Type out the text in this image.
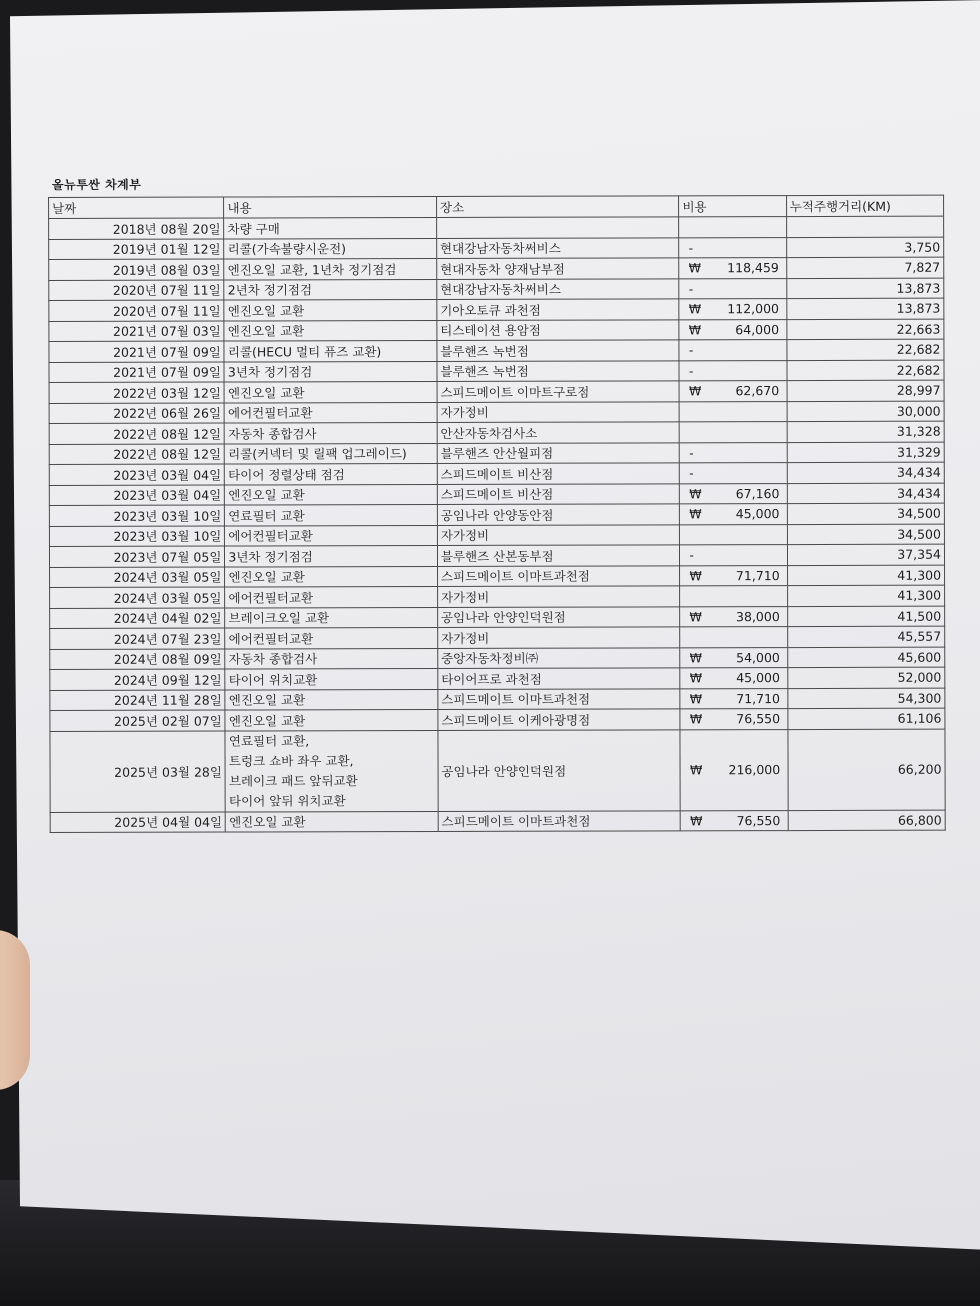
올뉴투싼 차계부
날짜	내용	장소	비용	누적주행거리(KM)
2018년 08월 20일	차량 구매			
2019년 01월 12일	리콜(가속불량시운전)	현대강남자동차써비스	-	3,750
2019년 08월 03일	엔진오일 교환, 1년차 정기점검	현대자동차 양재남부점	₩ 118,459	7,827
2020년 07월 11일	2년차 정기점검	현대강남자동차써비스	-	13,873
2020년 07월 11일	엔진오일 교환	기아오토큐 과천점	₩ 112,000	13,873
2021년 07월 03일	엔진오일 교환	티스테이션 용암점	₩ 64,000	22,663
2021년 07월 09일	리콜(HECU 멀티 퓨즈 교환)	블루핸즈 녹번점	-	22,682
2021년 07월 09일	3년차 정기점검	블루핸즈 녹번점	-	22,682
2022년 03월 12일	엔진오일 교환	스피드메이트 이마트구로점	₩ 62,670	28,997
2022년 06월 26일	에어컨필터교환	자가정비		30,000
2022년 08월 12일	자동차 종합검사	안산자동차검사소		31,328
2022년 08월 12일	리콜(커넥터 및 릴팩 업그레이드)	블루핸즈 안산월피점	-	31,329
2023년 03월 04일	타이어 정렬상태 점검	스피드메이트 비산점	-	34,434
2023년 03월 04일	엔진오일 교환	스피드메이트 비산점	₩ 67,160	34,434
2023년 03월 10일	연료필터 교환	공임나라 안양동안점	₩ 45,000	34,500
2023년 03월 10일	에어컨필터교환	자가정비		34,500
2023년 07월 05일	3년차 정기점검	블루핸즈 산본동부점	-	37,354
2024년 03월 05일	엔진오일 교환	스피드메이트 이마트과천점	₩ 71,710	41,300
2024년 03월 05일	에어컨필터교환	자가정비		41,300
2024년 04월 02일	브레이크오일 교환	공임나라 안양인덕원점	₩ 38,000	41,500
2024년 07월 23일	에어컨필터교환	자가정비		45,557
2024년 08월 09일	자동차 종합검사	중앙자동차정비㈜	₩ 54,000	45,600
2024년 09월 12일	타이어 위치교환	타이어프로 과천점	₩ 45,000	52,000
2024년 11월 28일	엔진오일 교환	스피드메이트 이마트과천점	₩ 71,710	54,300
2025년 02월 07일	엔진오일 교환	스피드메이트 이케아광명점	₩ 76,550	61,106
2025년 03월 28일	연료필터 교환,
트렁크 쇼바 좌우 교환,
브레이크 패드 앞뒤교환
타이어 앞뒤 위치교환	공임나라 안양인덕원점	₩ 216,000	66,200
2025년 04월 04일	엔진오일 교환	스피드메이트 이마트과천점	₩ 76,550	66,800
